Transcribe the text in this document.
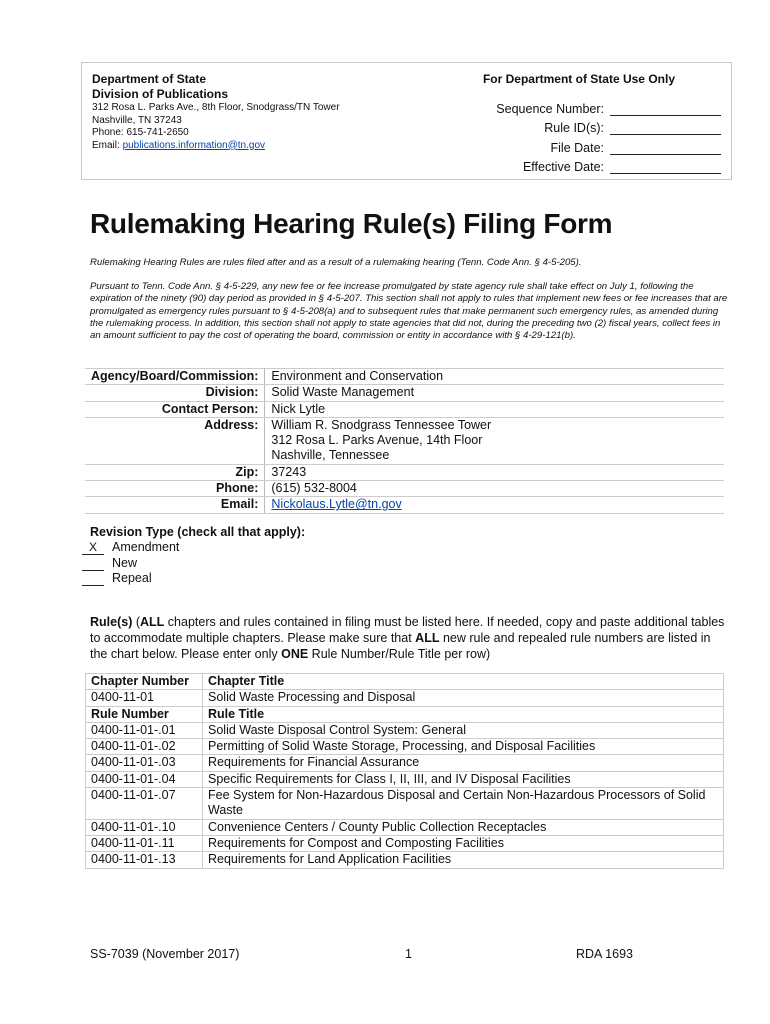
Department of State
Division of Publications
312 Rosa L. Parks Ave., 8th Floor, Snodgrass/TN Tower
Nashville, TN 37243
Phone: 615-741-2650
Email: publications.information@tn.gov
For Department of State Use Only
Sequence Number:
Rule ID(s):
File Date:
Effective Date:
Rulemaking Hearing Rule(s) Filing Form
Rulemaking Hearing Rules are rules filed after and as a result of a rulemaking hearing (Tenn. Code Ann. § 4-5-205).
Pursuant to Tenn. Code Ann. § 4-5-229, any new fee or fee increase promulgated by state agency rule shall take effect on July 1, following the expiration of the ninety (90) day period as provided in § 4-5-207. This section shall not apply to rules that implement new fees or fee increases that are promulgated as emergency rules pursuant to § 4-5-208(a) and to subsequent rules that make permanent such emergency rules, as amended during the rulemaking process. In addition, this section shall not apply to state agencies that did not, during the preceding two (2) fiscal years, collect fees in an amount sufficient to pay the cost of operating the board, commission or entity in accordance with § 4-29-121(b).
Agency/Board/Commission:	Environment and Conservation
Division:	Solid Waste Management
Contact Person:	Nick Lytle
Address:	William R. Snodgrass Tennessee Tower
312 Rosa L. Parks Avenue, 14th Floor
Nashville, Tennessee

Zip:	37243
Phone:	(615) 532-8004
Email:	Nickolaus.Lytle@tn.gov
Revision Type (check all that apply):
X	Amendment
New
Repeal
Rule(s) (ALL chapters and rules contained in filing must be listed here. If needed, copy and paste additional tables to accommodate multiple chapters. Please make sure that ALL new rule and repealed rule numbers are listed in the chart below. Please enter only ONE Rule Number/Rule Title per row)
Chapter Number	Chapter Title
0400-11-01	Solid Waste Processing and Disposal
Rule Number	Rule Title
0400-11-01-.01	Solid Waste Disposal Control System: General
0400-11-01-.02	Permitting of Solid Waste Storage, Processing, and Disposal Facilities
0400-11-01-.03	Requirements for Financial Assurance
0400-11-01-.04	Specific Requirements for Class I, II, III, and IV Disposal Facilities
0400-11-01-.07	Fee System for Non-Hazardous Disposal and Certain Non-Hazardous Processors of Solid Waste
0400-11-01-.10	Convenience Centers / County Public Collection Receptacles
0400-11-01-.11	Requirements for Compost and Composting Facilities
0400-11-01-.13	Requirements for Land Application Facilities
SS-7039 (November 2017)	1	RDA 1693
